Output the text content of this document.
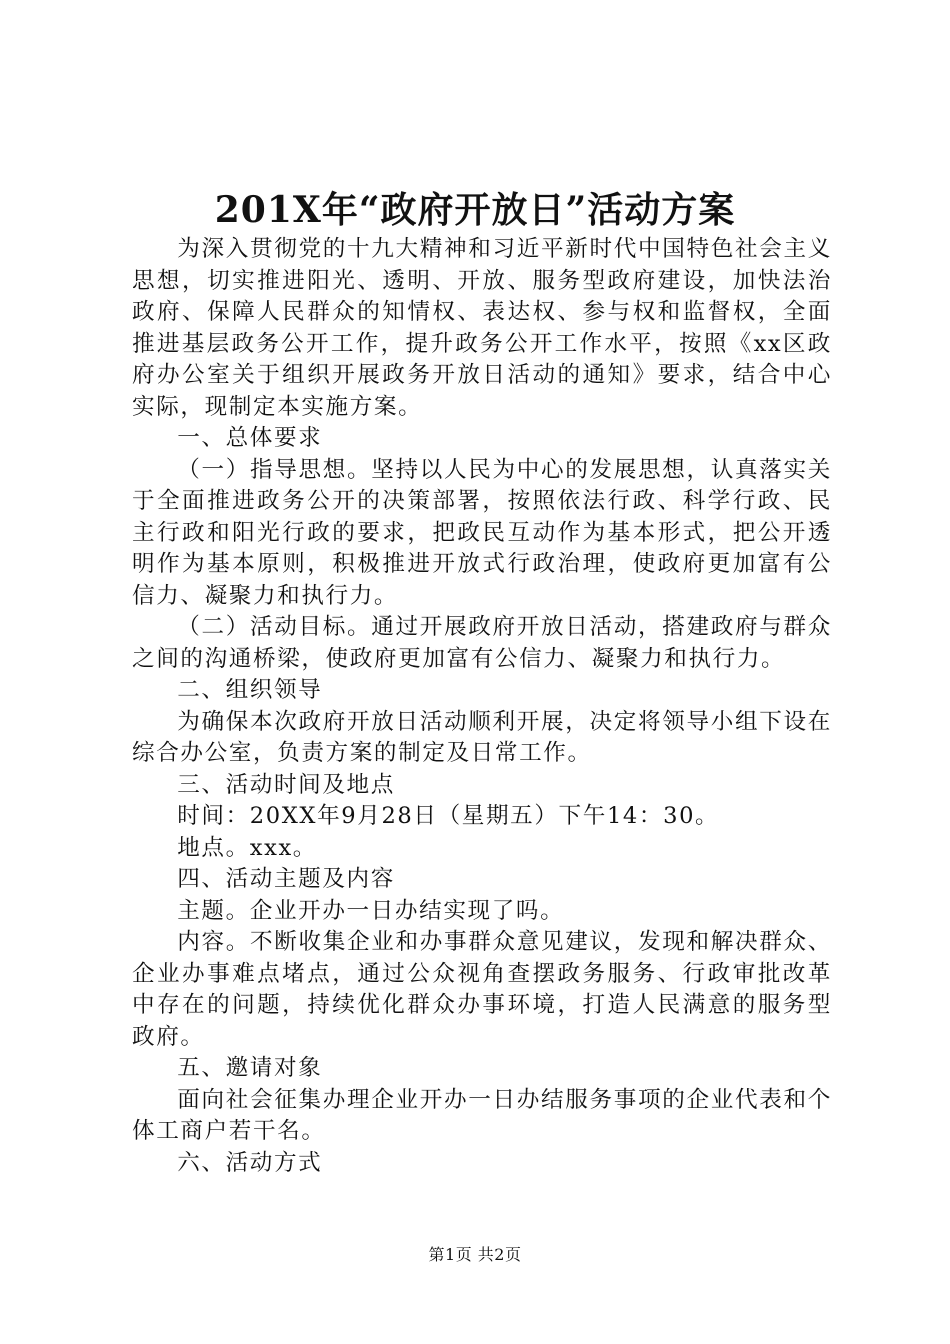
201X年“政府开放日”活动方案

为深入贯彻党的十九大精神和习近平新时代中国特色社会主义思想，切实推进阳光、透明、开放、服务型政府建设，加快法治政府、保障人民群众的知情权、表达权、参与权和监督权，全面推进基层政务公开工作，提升政务公开工作水平，按照《xx区政府办公室关于组织开展政务开放日活动的通知》要求，结合中心实际，现制定本实施方案。

一、总体要求

（一）指导思想。坚持以人民为中心的发展思想，认真落实关于全面推进政务公开的决策部署，按照依法行政、科学行政、民主行政和阳光行政的要求，把政民互动作为基本形式，把公开透明作为基本原则，积极推进开放式行政治理，使政府更加富有公信力、凝聚力和执行力。

（二）活动目标。通过开展政府开放日活动，搭建政府与群众之间的沟通桥梁，使政府更加富有公信力、凝聚力和执行力。

二、组织领导

为确保本次政府开放日活动顺利开展，决定将领导小组下设在综合办公室，负责方案的制定及日常工作。

三、活动时间及地点

时间：20XX年9月28日（星期五）下午14：30。

地点。xxx。

四、活动主题及内容

主题。企业开办一日办结实现了吗。

内容。不断收集企业和办事群众意见建议，发现和解决群众、企业办事难点堵点，通过公众视角查摆政务服务、行政审批改革中存在的问题，持续优化群众办事环境，打造人民满意的服务型政府。

五、邀请对象

面向社会征集办理企业开办一日办结服务事项的企业代表和个体工商户若干名。

六、活动方式

第1页 共2页
